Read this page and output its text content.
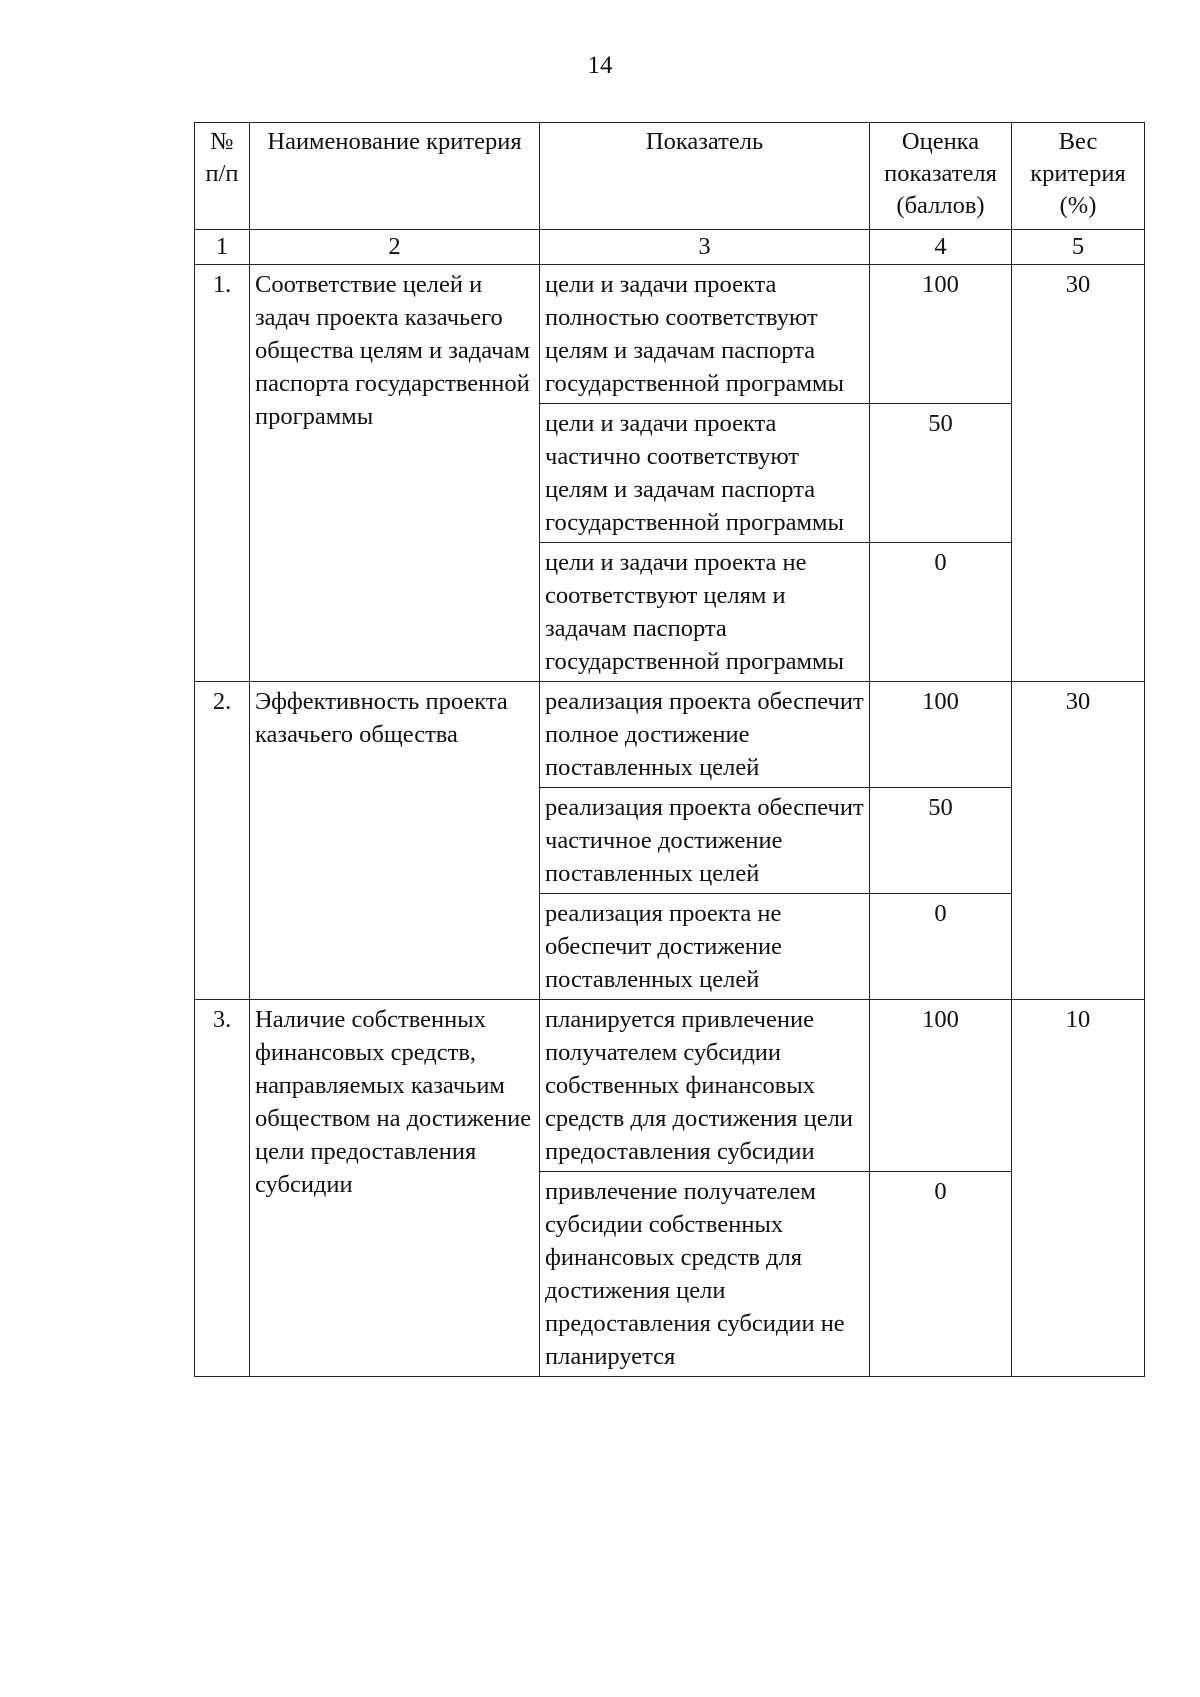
14
№ п/п	Наименование критерия	Показатель	Оценка показателя (баллов)	Вес критерия (%)
1	2	3	4	5
1.	Соответствие целей и задач проекта казачьего общества целям и задачам паспорта государственной программы	цели и задачи проекта полностью соответствуют целям и задачам паспорта государственной программы	100	30
		цели и задачи проекта частично соответствуют целям и задачам паспорта государственной программы	50	
		цели и задачи проекта не соответствуют целям и задачам паспорта государственной программы	0	
2.	Эффективность проекта казачьего общества	реализация проекта обеспечит полное достижение поставленных целей	100	30
		реализация проекта обеспечит частичное достижение поставленных целей	50	
		реализация проекта не обеспечит достижение поставленных целей	0	
3.	Наличие собственных финансовых средств, направляемых казачьим обществом на достижение цели предоставления субсидии	планируется привлечение получателем субсидии собственных финансовых средств для достижения цели предоставления субсидии	100	10
		привлечение получателем субсидии собственных финансовых средств для достижения цели предоставления субсидии не планируется	0	
